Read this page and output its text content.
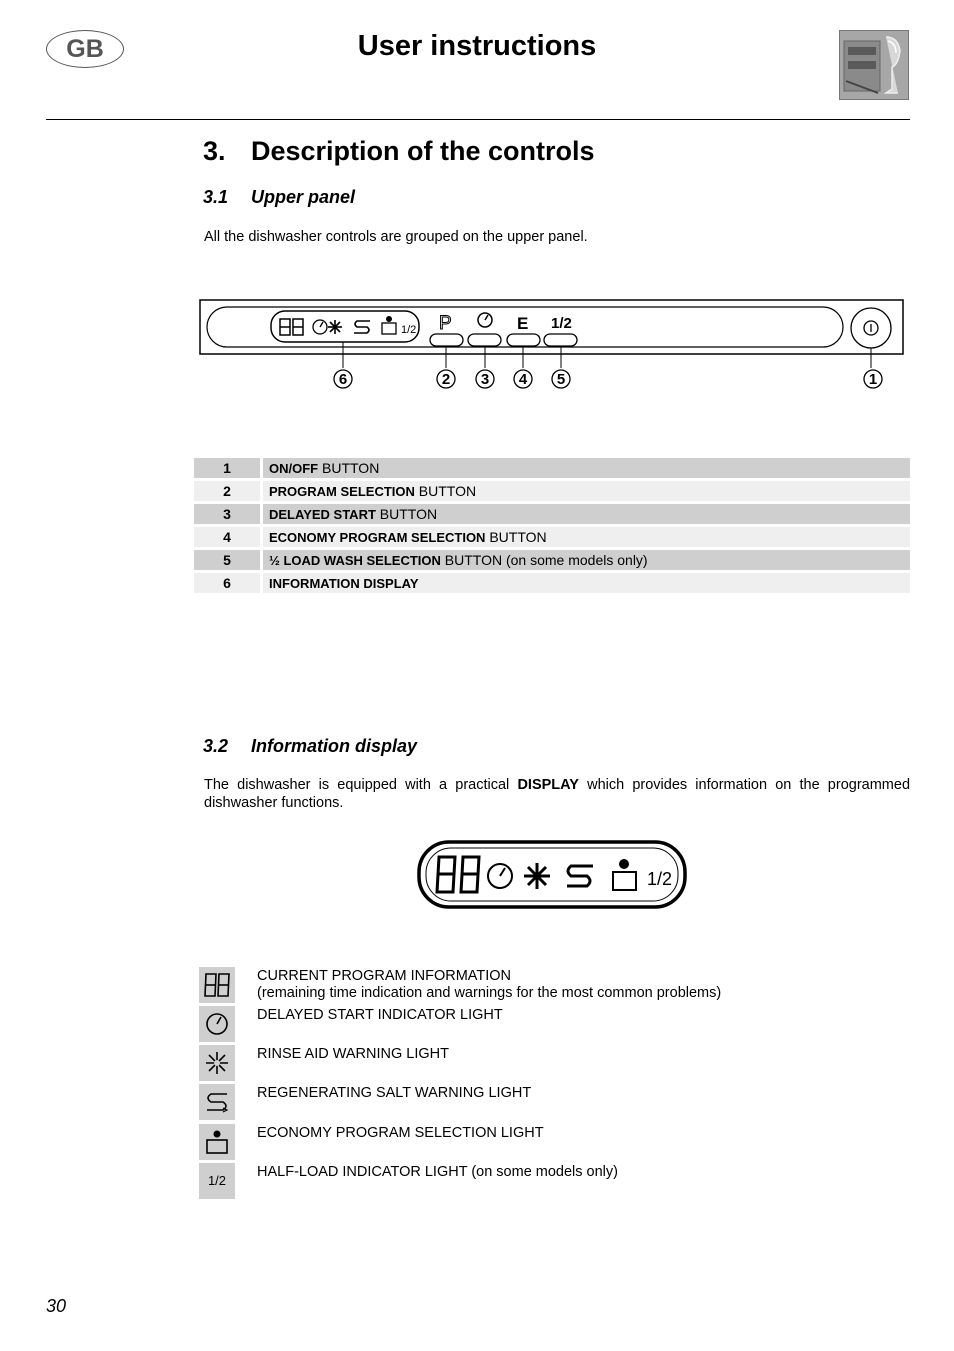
GB	User instructions
3. Description of the controls
3.1 Upper panel
All the dishwasher controls are grouped on the upper panel.
1/2 P	E 1/2
6	2 3 4 5	1
1	ON/OFF BUTTON
2	PROGRAM SELECTION BUTTON
3	DELAYED START BUTTON
4	ECONOMY PROGRAM SELECTION BUTTON
5	½ LOAD WASH SELECTION BUTTON (on some models only)
6	INFORMATION DISPLAY
3.2 Information display
The dishwasher is equipped with a practical DISPLAY which provides information on the programmed dishwasher functions.
1/2
CURRENT PROGRAM INFORMATION
(remaining time indication and warnings for the most common problems)
DELAYED START INDICATOR LIGHT
RINSE AID WARNING LIGHT
REGENERATING SALT WARNING LIGHT
ECONOMY PROGRAM SELECTION LIGHT
1/2
HALF-LOAD INDICATOR LIGHT (on some models only)
30
